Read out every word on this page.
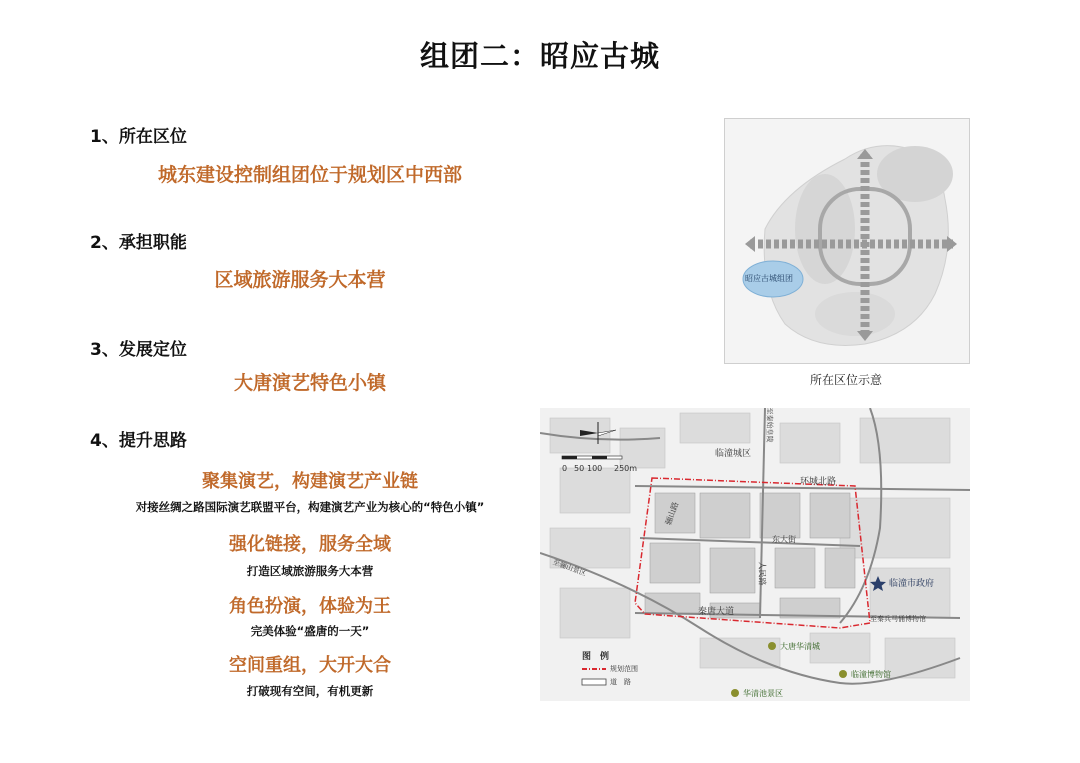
组团二：昭应古城
1、所在区位
城东建设控制组团位于规划区中西部
2、承担职能
区域旅游服务大本营
3、发展定位
大唐演艺特色小镇
4、提升思路
聚集演艺，构建演艺产业链
对接丝绸之路国际演艺联盟平台，构建演艺产业为核心的“特色小镇”
强化链接，服务全域
打造区域旅游服务大本营
角色扮演，体验为王
完美体验“盛唐的一天”
空间重组，大开大合
打破现有空间，有机更新
昭应古城组团
所在区位示意
0 50 100 250m
临潼城区
环城北路
东大街
秦唐大道
骊山路
人民路	临潼市政府
至秦兵马俑博物馆
至骊山景区
至秦始皇陵
大唐华清城
临潼博物馆
华清池景区
图　例
规划范围
道　路
